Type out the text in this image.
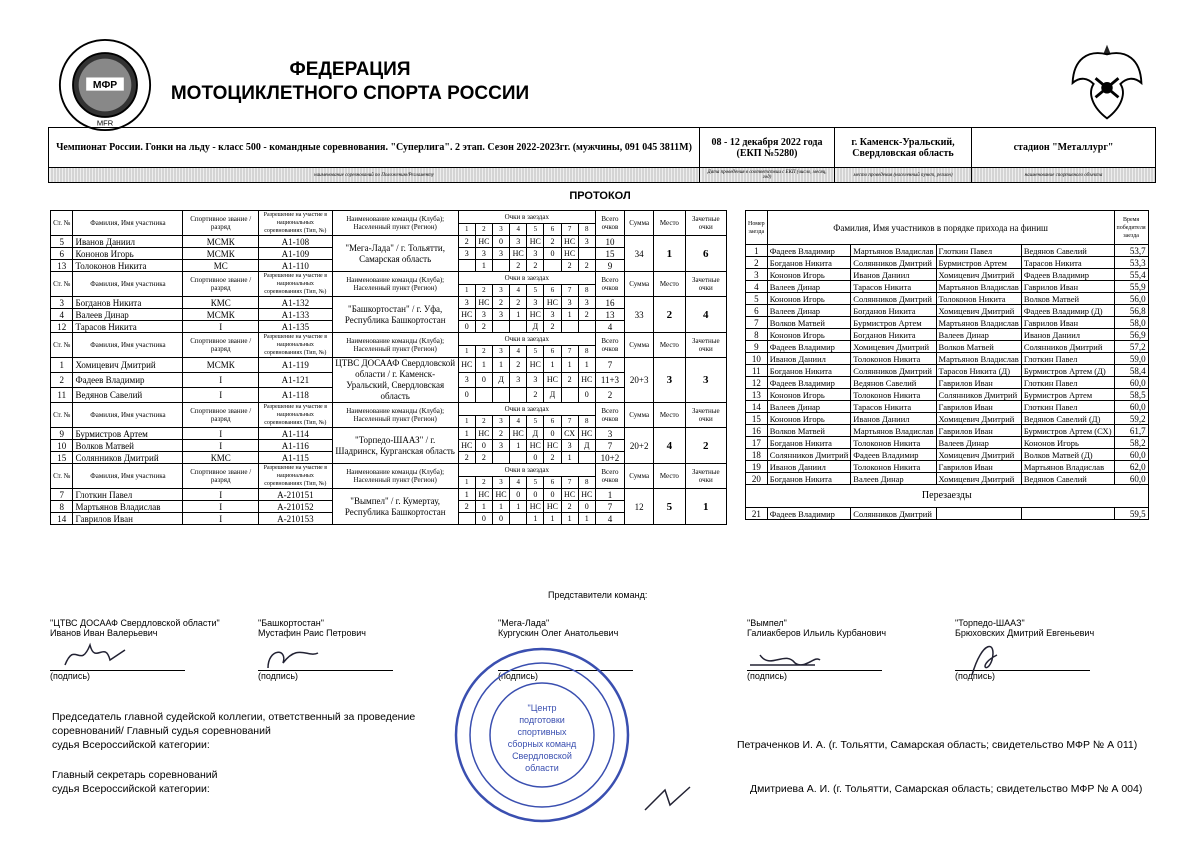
МФР
MFR
ФЕДЕРАЦИЯ
МОТОЦИКЛЕТНОГО СПОРТА РОССИИ
Чемпионат России. Гонки на льду - класс 500 - командные соревнования. "Суперлига". 2 этап. Сезон 2022-2023гг. (мужчины, 091 045 3811М)	08 - 12 декабря 2022 года
(ЕКП №5280)	г. Каменск-Уральский, Свердловская область	стадион "Металлург"
наименование соревнований по Положению/Регламенту	Дата проведения в соответствии с ЕКП (число, месяц, год)	место проведения (населенный пункт, регион)	наименование спортивного объекта
ПРОТОКОЛ
Ст. №	Фамилия, Имя участника	Спортивное звание / разряд	Разрешение на участие в национальных соревнованиях (Тип, №)	Наименование команды (Клуба); Населенный пункт (Регион)	Очки в заездах								Всего очков	Сумма	Место	Зачетные очки
					1	2	3	4	5	6	7	8				
5	Иванов Даниил	МСМК	А1-108	"Мега-Лада" / г. Тольятти, Самарская область	2	НС	0	3	НС	2	НС	3	10	34	1	6
6	Кононов Игорь	МСМК	А1-109		3	3	3	НС	3	0	НС		15			
13	Толоконов Никита	МС	А1-110			1		2	2		2	2	9			
Ст. №	Фамилия, Имя участника	Спортивное звание / разряд	Разрешение на участие в национальных соревнованиях (Тип, №)	Наименование команды (Клуба); Населенный пункт (Регион)	Очки в заездах								Всего очков	Сумма	Место	Зачетные очки
					1	2	3	4	5	6	7	8				
3	Богданов Никита	КМС	А1-132	"Башкортостан" / г. Уфа, Республика Башкортостан	3	НС	2	2	3	НС	3	3	16	33	2	4
4	Валеев Динар	МСМК	А1-133		НС	3	3	1	НС	3	1	2	13			
12	Тарасов Никита	I	А1-135		0	2			Д	2			4			
Ст. №	Фамилия, Имя участника	Спортивное звание / разряд	Разрешение на участие в национальных соревнованиях (Тип, №)	Наименование команды (Клуба); Населенный пункт (Регион)	Очки в заездах								Всего очков	Сумма	Место	Зачетные очки
					1	2	3	4	5	6	7	8				
1	Хомицевич Дмитрий	МСМК	А1-119	ЦТВС ДОСААФ Свердловской области / г. Каменск-Уральский, Свердловская область	НС	1	1	2	НС	1	1	1	7	20+3	3	3
2	Фадеев Владимир	I	А1-121		3	0	Д	3	3	НС	2	НС	11+3			
11	Ведянов Савелий	I	А1-118		0				2	Д		0	2			
Ст. №	Фамилия, Имя участника	Спортивное звание / разряд	Разрешение на участие в национальных соревнованиях (Тип, №)	Наименование команды (Клуба); Населенный пункт (Регион)	Очки в заездах								Всего очков	Сумма	Место	Зачетные очки
					1	2	3	4	5	6	7	8				
9	Бурмистров Артем	I	А1-114	"Торпедо-ШААЗ" / г. Шадринск, Курганская область	1	НС	2	НС	Д	0	СХ	НС	3	20+2	4	2
10	Волков Матвей	I	А1-116		НС	0	3	1	НС	НС	3	Д	7			
15	Солянников Дмитрий	КМС	А1-115		2	2			0	2	1		10+2			
Ст. №	Фамилия, Имя участника	Спортивное звание / разряд	Разрешение на участие в национальных соревнованиях (Тип, №)	Наименование команды (Клуба); Населенный пункт (Регион)	Очки в заездах								Всего очков	Сумма	Место	Зачетные очки
					1	2	3	4	5	6	7	8				
7	Глоткин Павел	I	А-210151	"Вымпел" / г. Кумертау, Республика Башкортостан	1	НС	НС	0	0	0	НС	НС	1	12	5	1
8	Мартьянов Владислав	I	А-210152		2	1	1	1	НС	НС	2	0	7			
14	Гаврилов Иван	I	А-210153			0	0		1	1	1	1	4			
Номер заезда	Фамилия, Имя участников в порядке прихода на финиш				Время победителя заезда
1	Фадеев Владимир	Мартьянов Владислав	Глоткин Павел	Ведянов Савелий	53,7
2	Богданов Никита	Солянников Дмитрий	Бурмистров Артем	Тарасов Никита	53,3
3	Кононов Игорь	Иванов Даниил	Хомицевич Дмитрий	Фадеев Владимир	55,4
4	Валеев Динар	Тарасов Никита	Мартьянов Владислав	Гаврилов Иван	55,9
5	Кононов Игорь	Солянников Дмитрий	Толоконов Никита	Волков Матвей	56,0
6	Валеев Динар	Богданов Никита	Хомицевич Дмитрий	Фадеев Владимир (Д)	56,8
7	Волков Матвей	Бурмистров Артем	Мартьянов Владислав	Гаврилов Иван	58,0
8	Кононов Игорь	Богданов Никита	Валеев Динар	Иванов Даниил	56,9
9	Фадеев Владимир	Хомицевич Дмитрий	Волков Матвей	Солянников Дмитрий	57,2
10	Иванов Даниил	Толоконов Никита	Мартьянов Владислав	Глоткин Павел	59,0
11	Богданов Никита	Солянников Дмитрий	Тарасов Никита (Д)	Бурмистров Артем (Д)	58,4
12	Фадеев Владимир	Ведянов Савелий	Гаврилов Иван	Глоткин Павел	60,0
13	Кононов Игорь	Толоконов Никита	Солянников Дмитрий	Бурмистров Артем	58,5
14	Валеев Динар	Тарасов Никита	Гаврилов Иван	Глоткин Павел	60,0
15	Кононов Игорь	Иванов Даниил	Хомицевич Дмитрий	Ведянов Савелий (Д)	59,2
16	Волков Матвей	Мартьянов Владислав	Гаврилов Иван	Бурмистров Артем (СХ)	61,7
17	Богданов Никита	Толоконов Никита	Валеев Динар	Кононов Игорь	58,2
18	Солянников Дмитрий	Фадеев Владимир	Хомицевич Дмитрий	Волков Матвей (Д)	60,0
19	Иванов Даниил	Толоконов Никита	Гаврилов Иван	Мартьянов Владислав	62,0
20	Богданов Никита	Валеев Динар	Хомицевич Дмитрий	Ведянов Савелий	60,0
Перезаезды					
21	Фадеев Владимир	Солянников Дмитрий			59,5
Представители команд:
"ЦТВС ДОСААФ Свердловской области"
Иванов Иван Валерьевич
(подпись)
"Башкортостан"
Мустафин Раис Петрович
(подпись)
"Мега-Лада"
Кургускин Олег Анатольевич
(подпись)
"Вымпел"
Галиакберов Ильиль Курбанович
(подпись)
"Торпедо-ШААЗ"
Брюховских Дмитрий Евгеньевич
(подпись)
"Центр
подготовки
спортивных
сборных команд
Свердловской
области
Председатель главной судейской коллегии, ответственный за проведение
соревнований/ Главный судья соревнований
судья Всероссийской категории:	Петраченков И. А. (г. Тольятти, Самарская область; свидетельство МФР № А 011)
Главный секретарь соревнований
судья Всероссийской категории:	Дмитриева А. И. (г. Тольятти, Самарская область; свидетельство МФР № А 004)
